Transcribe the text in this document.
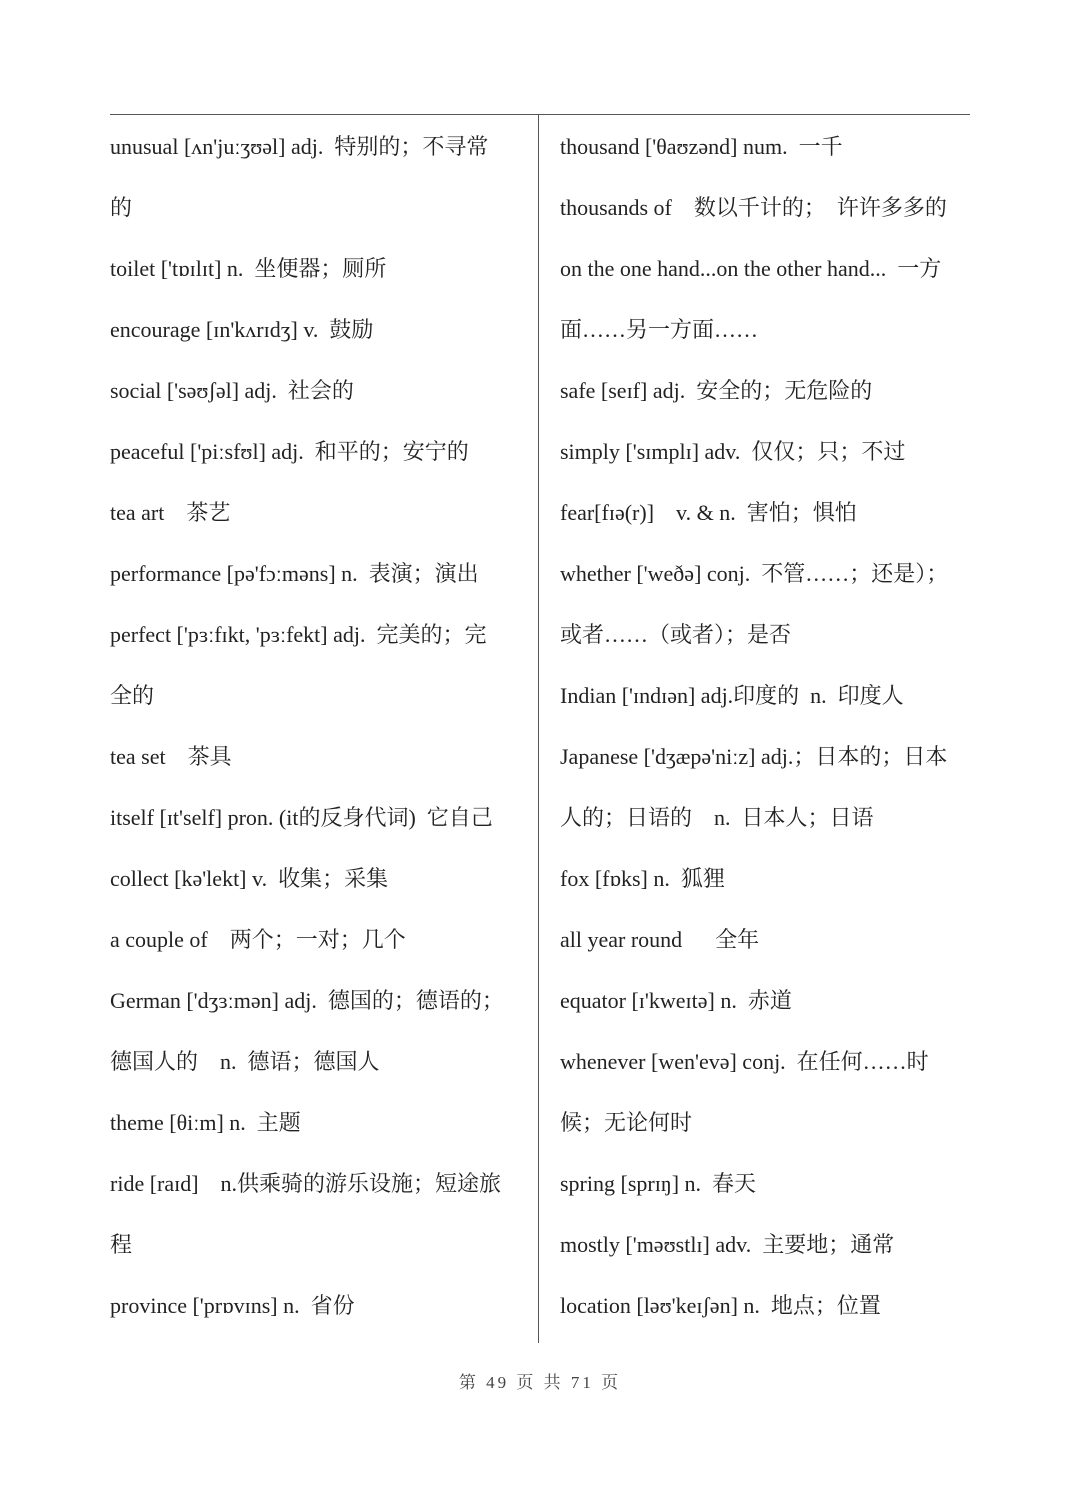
unusual [ʌn'juːʒʊəl] adj.  特别的；不寻常
的
toilet ['tɒɪlɪt] n.  坐便器；厕所
encourage [ɪn'kʌrɪdʒ] v.  鼓励
social ['səʊʃəl] adj.  社会的
peaceful ['piːsfʊl] adj.  和平的；安宁的
tea art    茶艺
performance [pə'fɔːməns] n.  表演；演出
perfect ['pɜːfɪkt, 'pɜːfekt] adj.  完美的；完
全的
tea set    茶具
itself [ɪt'self] pron. (it的反身代词)  它自己
collect [kə'lekt] v.  收集；采集
a couple of    两个；一对；几个
German ['dʒɜːmən] adj.  德国的；德语的；
德国人的    n.  德语；德国人
theme [θiːm] n.  主题
ride [raɪd]    n.供乘骑的游乐设施；短途旅
程
province ['prɒvɪns] n.  省份
thousand ['θaʊzənd] num.  一千
thousands of    数以千计的；  许许多多的
on the one hand...on the other hand...  一方
面……另一方面……
safe [seɪf] adj.  安全的；无危险的
simply ['sɪmplɪ] adv.  仅仅；只；不过
fear[fɪə(r)]    v. & n.  害怕；惧怕
whether ['weðə] conj.  不管……；还是）；
或者……（或者）；是否
Indian ['ɪndɪən] adj.印度的  n.  印度人
Japanese ['dʒæpə'niːz] adj.；日本的；日本
人的；日语的    n.  日本人；日语
fox [fɒks] n.  狐狸
all year round      全年
equator [ɪ'kweɪtə] n.  赤道
whenever [wen'evə] conj.  在任何……时
候；无论何时
spring [sprɪŋ] n.  春天
mostly ['məʊstlɪ] adv.  主要地；通常
location [ləʊ'keɪʃən] n.  地点；位置
第 49 页 共 71 页
